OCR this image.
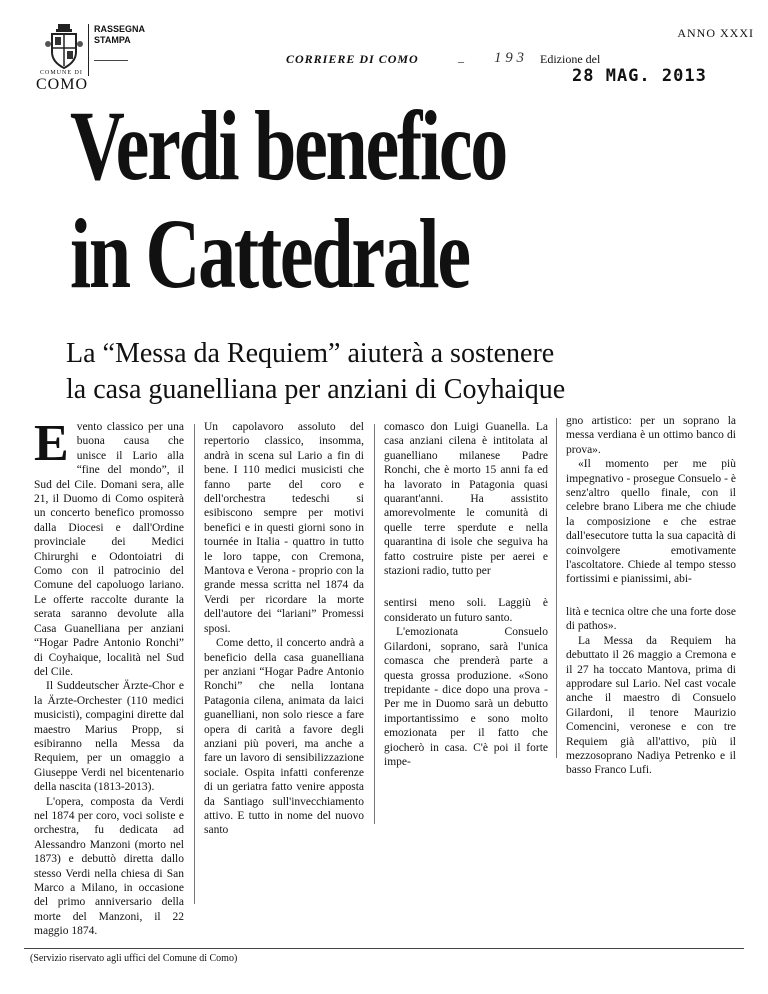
RASSEGNA
STAMPA
COMUNE DI
COMO
ANNO XXXI
CORRIERE DI COMO	– 1 9 3 Edizione del
28 MAG. 2013
Verdi benefico
in Cattedrale
La “Messa da Requiem” aiuterà a sostenere
la casa guanelliana per anziani di Coyhaique

Evento classico per una buona causa che unisce il Lario alla “fine del mondo”, il Sud del Cile. Domani sera, alle 21, il Duomo di Como ospiterà un concerto benefico promosso dalla Diocesi e dall'Ordine provinciale dei Medici Chirurghi e Odontoiatri di Como con il patrocinio del Comune del capoluogo lariano. Le offerte raccolte durante la serata saranno devolute alla Casa Guanelliana per anziani “Hogar Padre Antonio Ronchi” di Coyhaique, località nel Sud del Cile.

Il Suddeutscher Ärzte-Chor e la Ärzte-Orchester (110 medici musicisti), compagini dirette dal maestro Marius Propp, si esibiranno nella Messa da Requiem, per un omaggio a Giuseppe Verdi nel bicentenario della nascita (1813-2013).

L'opera, composta da Verdi nel 1874 per coro, voci soliste e orchestra, fu dedicata ad Alessandro Manzoni (morto nel 1873) e debuttò diretta dallo stesso Verdi nella chiesa di San Marco a Milano, in occasione del primo anniversario della morte del Manzoni, il 22 maggio 1874.

Un capolavoro assoluto del repertorio classico, insomma, andrà in scena sul Lario a fin di bene. I 110 medici musicisti che fanno parte del coro e dell'orchestra tedeschi si esibiscono sempre per motivi benefici e in questi giorni sono in tournée in Italia - quattro in tutto le loro tappe, con Cremona, Mantova e Verona - proprio con la grande messa scritta nel 1874 da Verdi per ricordare la morte dell'autore dei “lariani” Promessi sposi.

Come detto, il concerto andrà a beneficio della casa guanelliana per anziani “Hogar Padre Antonio Ronchi” che nella lontana Patagonia cilena, animata da laici guanelliani, non solo riesce a fare opera di carità a favore degli anziani più poveri, ma anche a fare un lavoro di sensibilizzazione sociale. Ospita infatti conferenze di un geriatra fatto venire apposta da Santiago sull'invecchiamento attivo. E tutto in nome del nuovo santo

comasco don Luigi Guanella. La casa anziani cilena è intitolata al guanelliano milanese Padre Ronchi, che è morto 15 anni fa ed ha lavorato in Patagonia quasi quarant'anni. Ha assistito amorevolmente le comunità di quelle terre sperdute e nella quarantina di isole che seguiva ha fatto costruire piste per aerei e stazioni radio, tutto per

sentirsi meno soli. Laggiù è considerato un futuro santo.

L'emozionata Consuelo Gilardoni, soprano, sarà l'unica comasca che prenderà parte a questa grossa produzione. «Sono trepidante - dice dopo una prova - Per me in Duomo sarà un debutto importantissimo e sono molto emozionata per il fatto che giocherò in casa. C'è poi il forte impe-

gno artistico: per un soprano la messa verdiana è un ottimo banco di prova».

«Il momento per me più impegnativo - prosegue Consuelo - è senz'altro quello finale, con il celebre brano Libera me che chiude la composizione e che estrae dall'esecutore tutta la sua capacità di coinvolgere emotivamente l'ascoltatore. Chiede al tempo stesso fortissimi e pianissimi, abi-

lità e tecnica oltre che una forte dose di pathos».

La Messa da Requiem ha debuttato il 26 maggio a Cremona e il 27 ha toccato Mantova, prima di approdare sul Lario. Nel cast vocale anche il maestro di Consuelo Gilardoni, il tenore Maurizio Comencini, veronese e con tre Requiem già all'attivo, più il mezzosoprano Nadiya Petrenko e il basso Franco Lufi.

(Servizio riservato agli uffici del Comune di Como)
